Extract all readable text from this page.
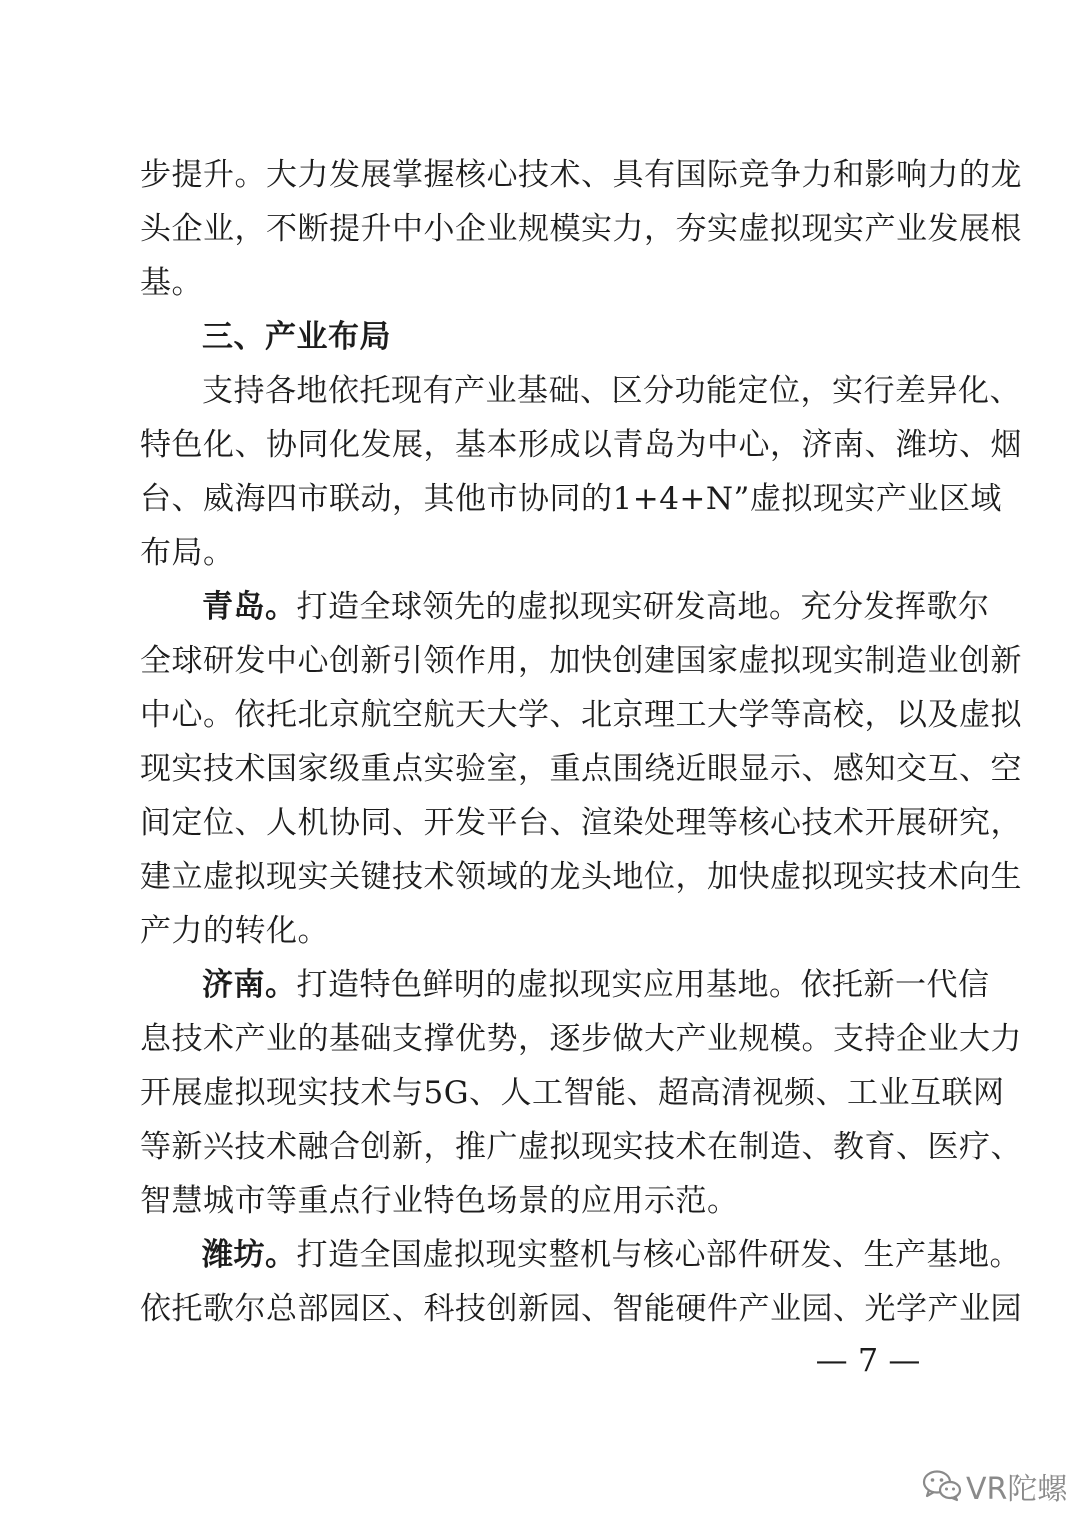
步提升。大力发展掌握核心技术、具有国际竞争力和影响力的龙
头企业，不断提升中小企业规模实力，夯实虚拟现实产业发展根
基。
三、产业布局
支持各地依托现有产业基础、区分功能定位，实行差异化、
特色化、协同化发展，基本形成以青岛为中心，济南、潍坊、烟
台、威海四市联动，其他市协同的1+4+N”虚拟现实产业区域
布局。
青岛。打造全球领先的虚拟现实研发高地。充分发挥歌尔
全球研发中心创新引领作用，加快创建国家虚拟现实制造业创新
中心。依托北京航空航天大学、北京理工大学等高校，以及虚拟
现实技术国家级重点实验室，重点围绕近眼显示、感知交互、空
间定位、人机协同、开发平台、渲染处理等核心技术开展研究，
建立虚拟现实关键技术领域的龙头地位，加快虚拟现实技术向生
产力的转化。
济南。打造特色鲜明的虚拟现实应用基地。依托新一代信
息技术产业的基础支撑优势，逐步做大产业规模。支持企业大力
开展虚拟现实技术与5G、人工智能、超高清视频、工业互联网
等新兴技术融合创新，推广虚拟现实技术在制造、教育、医疗、
智慧城市等重点行业特色场景的应用示范。
潍坊。打造全国虚拟现实整机与核心部件研发、生产基地。
依托歌尔总部园区、科技创新园、智能硬件产业园、光学产业园
— 7 —
VR陀螺
